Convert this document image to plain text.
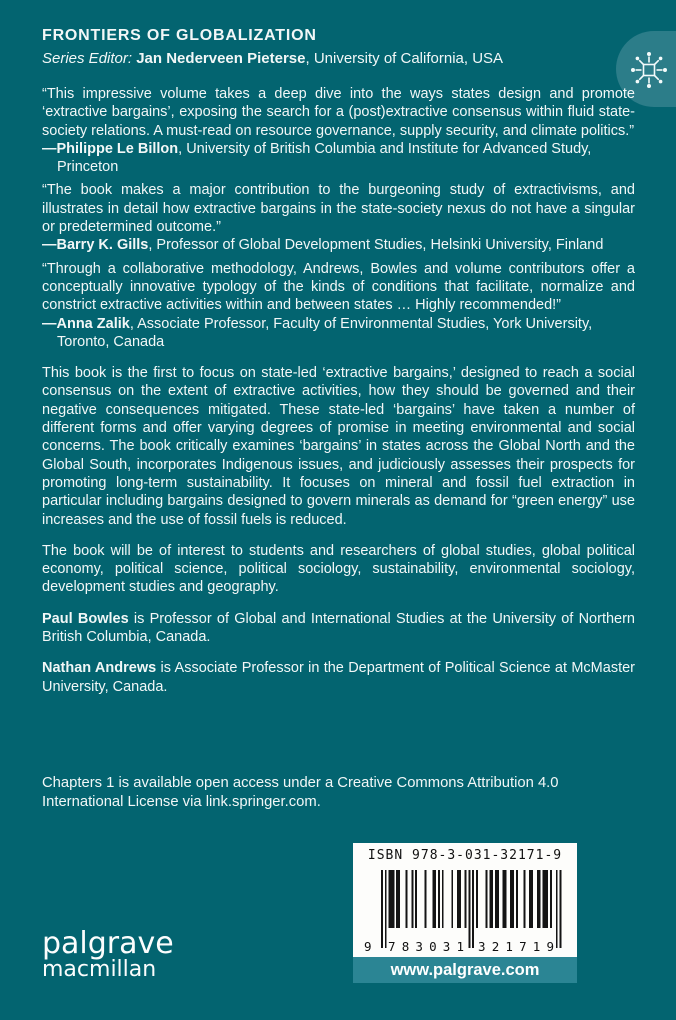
FRONTIERS OF GLOBALIZATION
Series Editor: Jan Nederveen Pieterse, University of California, USA
“This impressive volume takes a deep dive into the ways states design and promote ‘extractive bargains’, exposing the search for a (post)extractive consensus within fluid state-society relations. A must-read on resource governance, supply security, and climate politics.”
—Philippe Le Billon, University of British Columbia and Institute for Advanced Study, Princeton
“The book makes a major contribution to the burgeoning study of extractivisms, and illustrates in detail how extractive bargains in the state-society nexus do not have a singular or predetermined outcome.”
—Barry K. Gills, Professor of Global Development Studies, Helsinki University, Finland
“Through a collaborative methodology, Andrews, Bowles and volume contributors offer a conceptually innovative typology of the kinds of conditions that facilitate, normalize and constrict extractive activities within and between states … Highly recommended!”
—Anna Zalik, Associate Professor, Faculty of Environmental Studies, York University, Toronto, Canada
This book is the first to focus on state-led ‘extractive bargains,’ designed to reach a social consensus on the extent of extractive activities, how they should be governed and their negative consequences mitigated. These state-led ‘bargains’ have taken a number of different forms and offer varying degrees of promise in meeting environmental and social concerns. The book critically examines ‘bargains’ in states across the Global North and the Global South, incorporates Indigenous issues, and judiciously assesses their prospects for promoting long-term sustainability. It focuses on mineral and fossil fuel extraction in particular including bargains designed to govern minerals as demand for “green energy” use increases and the use of fossil fuels is reduced.
The book will be of interest to students and researchers of global studies, global political economy, political science, political sociology, sustainability, environmental sociology, development studies and geography.
Paul Bowles is Professor of Global and International Studies at the University of Northern British Columbia, Canada.
Nathan Andrews is Associate Professor in the Department of Political Science at McMaster University, Canada.
Chapters 1 is available open access under a Creative Commons Attribution 4.0 International License via link.springer.com.
ISBN 978-3-031-32171-9
9 7 8 3 0 3 1 3 2 1 7 1 9
www.palgrave.com
palgrave
macmillan
